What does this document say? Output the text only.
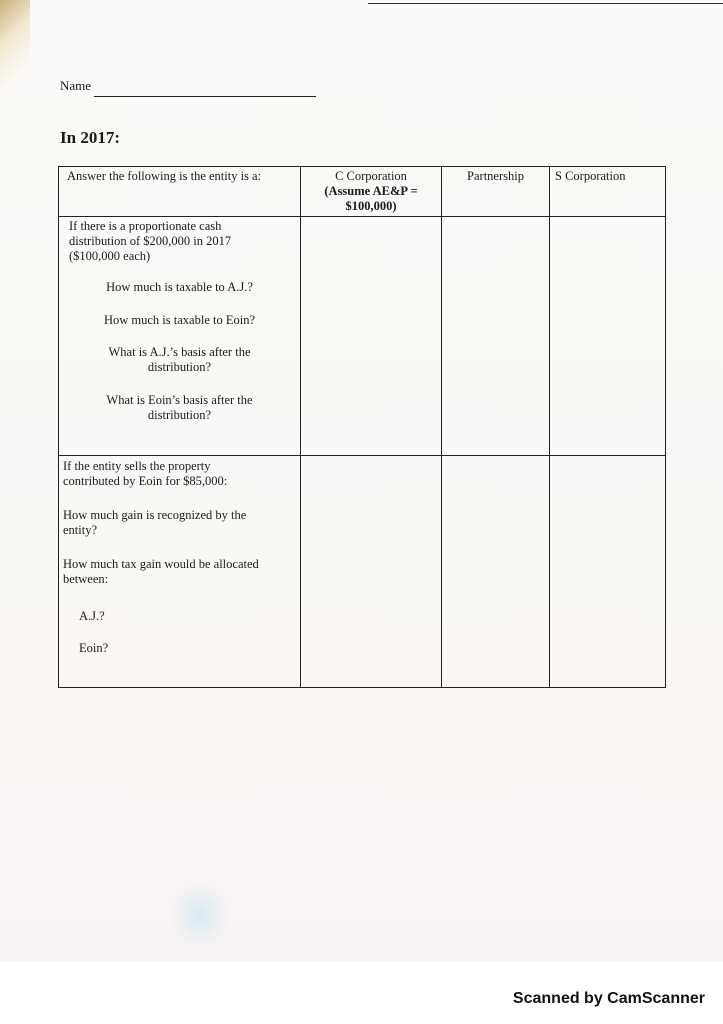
Name
In 2017:
Answer the following is the entity is a:	C Corporation
(Assume AE&P =
$100,000)
Partnership	S Corporation
If there is a proportionate cash
distribution of $200,000 in 2017
($100,000 each)
How much is taxable to A.J.?
How much is taxable to Eoin?
What is A.J.’s basis after the
distribution?
What is Eoin’s basis after the
distribution?
If the entity sells the property
contributed by Eoin for $85,000:
How much gain is recognized by the
entity?
How much tax gain would be allocated
between:
A.J.?
Eoin?
Scanned by CamScanner
